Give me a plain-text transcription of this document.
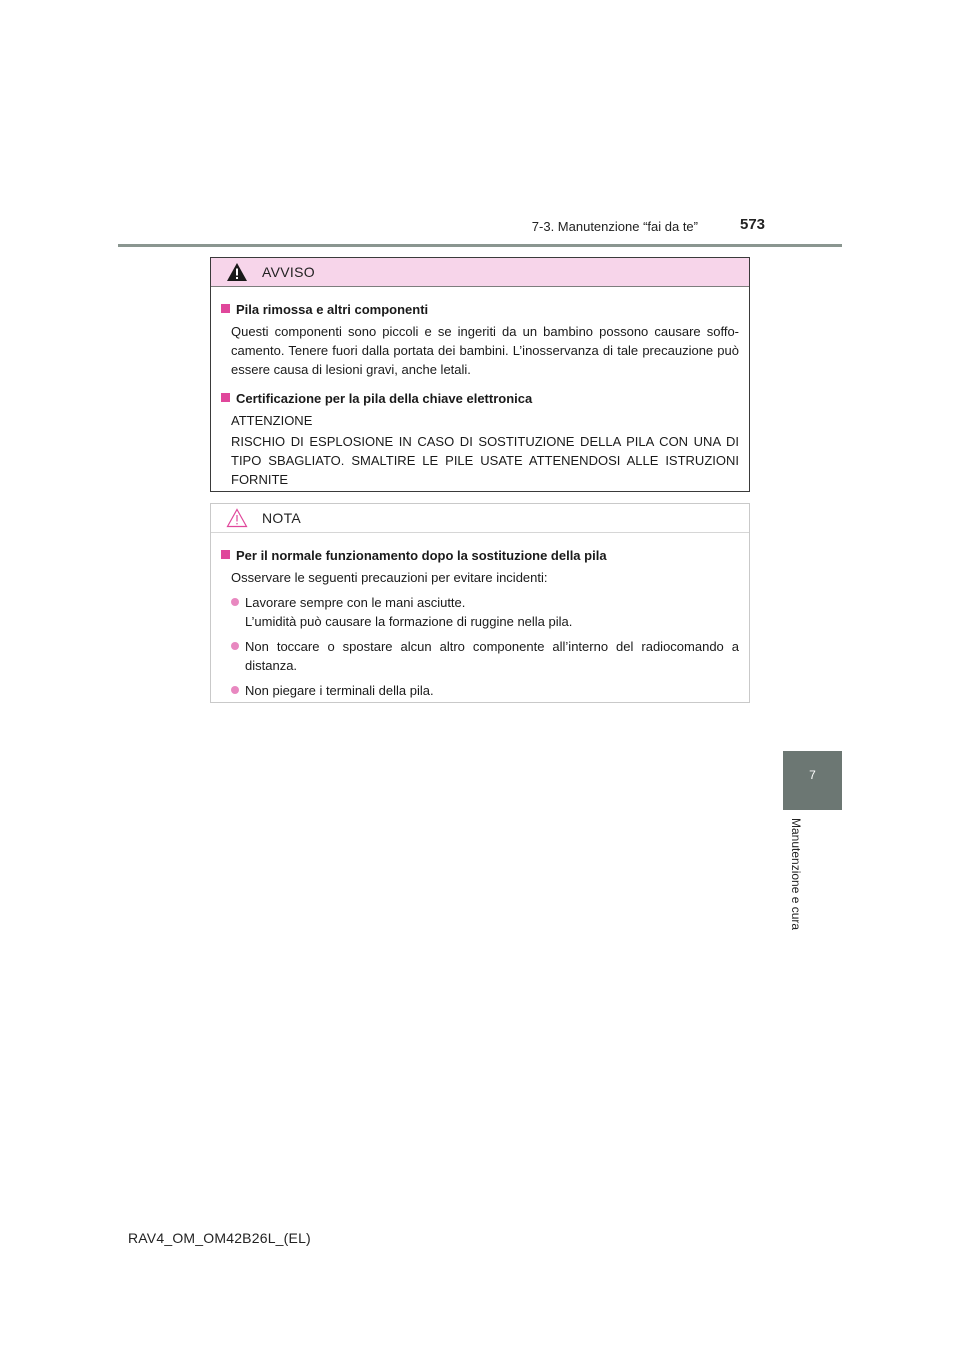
7-3. Manutenzione “fai da te”	573
7
Manutenzione e cura
AVVISO
Pila rimossa e altri componenti

Questi componenti sono piccoli e se ingeriti da un bambino possono causare soffo-camento. Tenere fuori dalla portata dei bambini. L’inosservanza di tale precauzione può essere causa di lesioni gravi, anche letali.

Certificazione per la pila della chiave elettronica

ATTENZIONE

RISCHIO DI ESPLOSIONE IN CASO DI SOSTITUZIONE DELLA PILA CON UNA DI TIPO SBAGLIATO. SMALTIRE LE PILE USATE ATTENENDOSI ALLE ISTRUZIONI FORNITE

NOTA
Per il normale funzionamento dopo la sostituzione della pila

Osservare le seguenti precauzioni per evitare incidenti:

Lavorare sempre con le mani asciutte.
L’umidità può causare la formazione di ruggine nella pila.
Non toccare o spostare alcun altro componente all’interno del radiocomando a distanza.
Non piegare i terminali della pila.
RAV4_OM_OM42B26L_(EL)
